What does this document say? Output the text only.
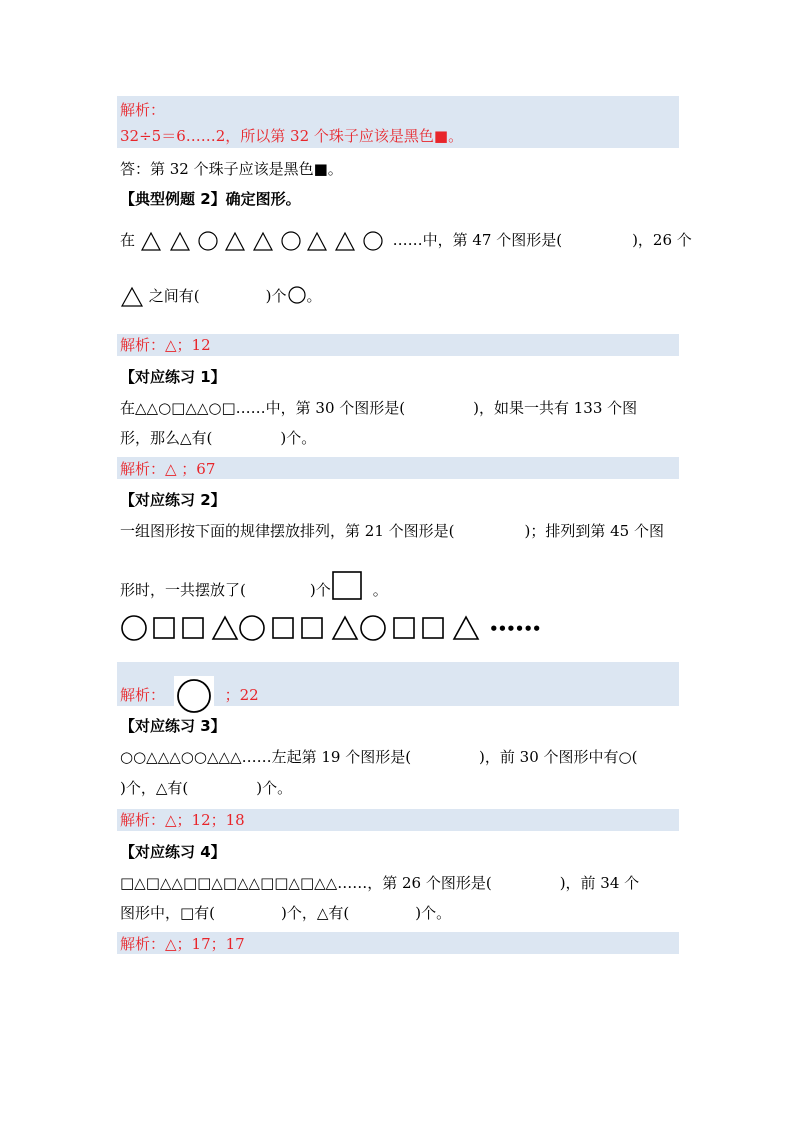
解析：
32÷5＝6……2，所以第 32 个珠子应该是黑色■。
答：第 32 个珠子应该是黑色■。
【典型例题 2】确定图形。
在	……中，第 47 个图形是(	)，26 个
之间有(	)个 。
解析：△；12
【对应练习 1】
在△△○□△△○□……中，第 30 个图形是(	)，如果一共有 133 个图
形，那么△有(	)个。
解析：△ ；67
【对应练习 2】
一组图形按下面的规律摆放排列，第 21 个图形是(	)；排列到第 45 个图
形时，一共摆放了(	)个	。
••••••
解析：	；22
【对应练习 3】
○○△△△○○△△△……左起第 19 个图形是(	)，前 30 个图形中有○(
)个，△有(	)个。
解析：△；12；18
【对应练习 4】
□△□△△□□△□△△□□△□△△……，第 26 个图形是(	)，前 34 个
图形中，□有(	)个，△有(	)个。
解析：△；17；17
